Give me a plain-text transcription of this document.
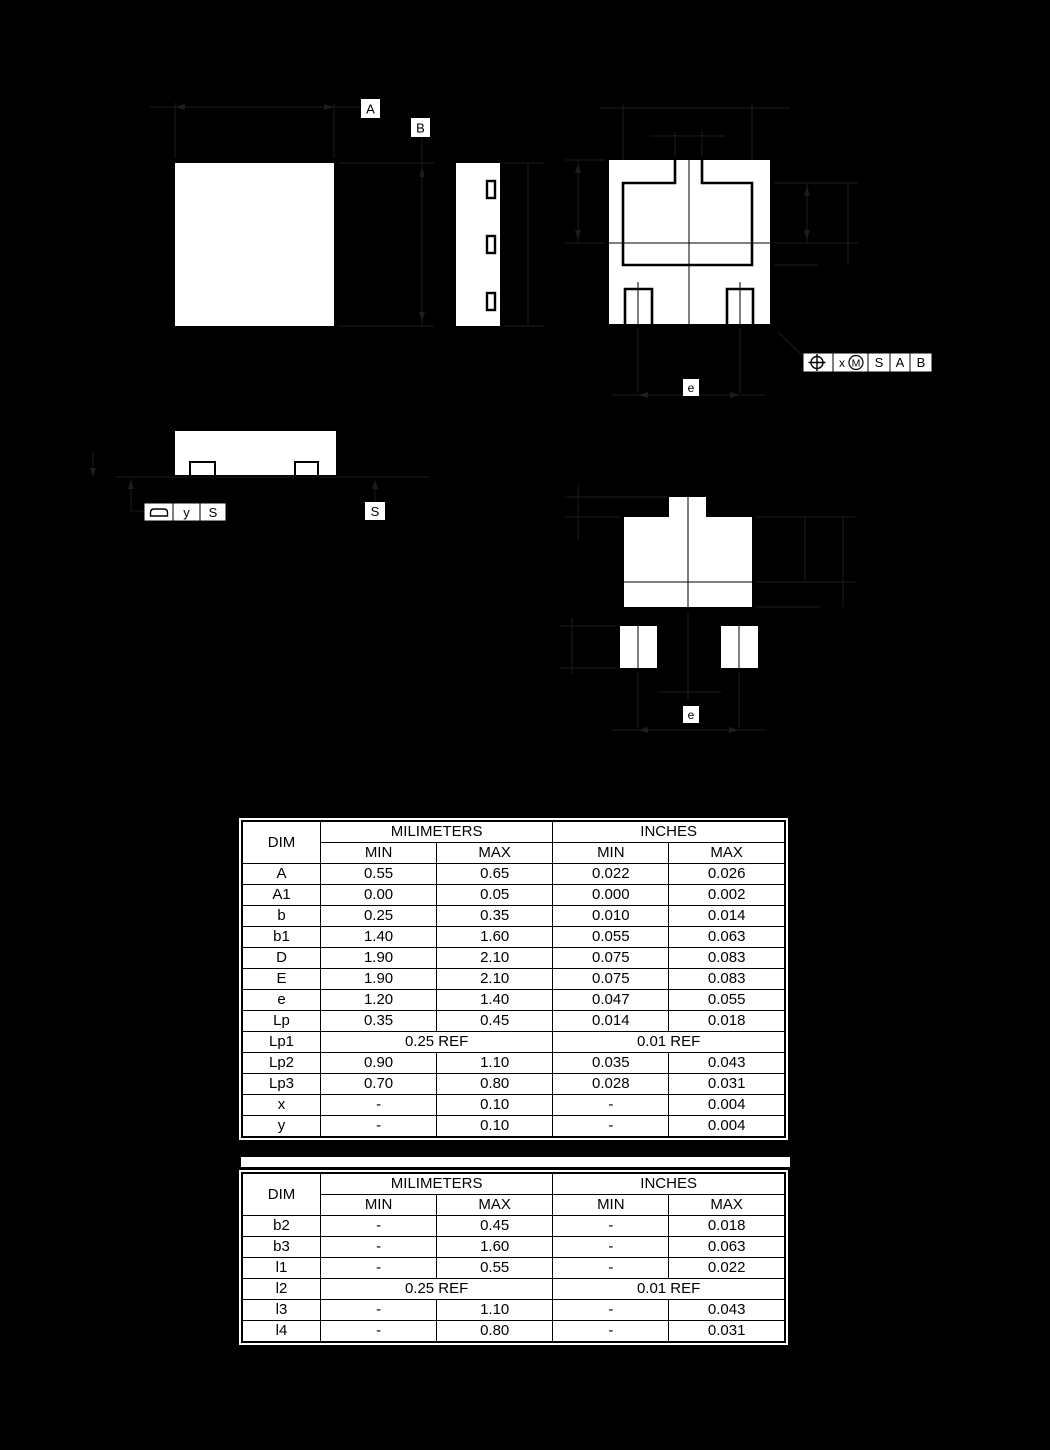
Seating Plane
A
B
e
e
S
x M S A B
y S
DIM	MILIMETERS		INCHES	
	MIN	MAX	MIN	MAX
A	0.55	0.65	0.022	0.026
A1	0.00	0.05	0.000	0.002
b	0.25	0.35	0.010	0.014
b1	1.40	1.60	0.055	0.063
D	1.90	2.10	0.075	0.083
E	1.90	2.10	0.075	0.083
e	1.20	1.40	0.047	0.055
Lp	0.35	0.45	0.014	0.018
Lp1	0.25 REF		0.01 REF	
Lp2	0.90	1.10	0.035	0.043
Lp3	0.70	0.80	0.028	0.031
x	-	0.10	-	0.004
y	-	0.10	-	0.004
DIM	MILIMETERS		INCHES	
	MIN	MAX	MIN	MAX
b2	-	0.45	-	0.018
b3	-	1.60	-	0.063
l1	-	0.55	-	0.022
l2	0.25 REF		0.01 REF	
l3	-	1.10	-	0.043
l4	-	0.80	-	0.031
